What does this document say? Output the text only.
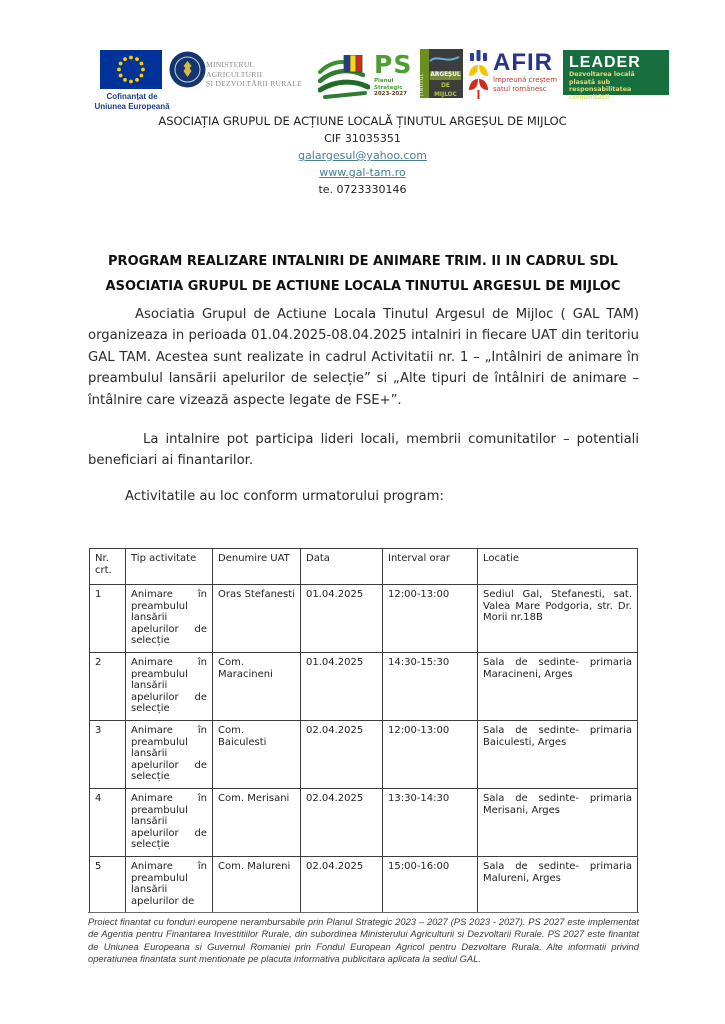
Cofinanțat de
Uniunea Europeană
MINISTERUL AGRICULTURII
ȘI DEZVOLTĂRII RURALE
PS
Planul Strategic
2023-2027	ȚINUTUL ARGEȘUL
DE MIJLOC
AFIR
împreună creștem
satul românesc
LEADER
Dezvoltarea locală plasată sub
responsabilitatea comunității
ASOCIAȚIA GRUPUL DE ACȚIUNE LOCALĂ ȚINUTUL ARGEȘUL DE MIJLOC
CIF 31035351
galargesul@yahoo.com
www.gal-tam.ro
te. 0723330146
PROGRAM REALIZARE INTALNIRI DE ANIMARE TRIM. II IN CADRUL SDL
ASOCIATIA GRUPUL DE ACTIUNE LOCALA TINUTUL ARGESUL DE MIJLOC
Asociatia Grupul de Actiune Locala Tinutul Argesul de Mijloc ( GAL TAM) organizeaza in perioada 01.04.2025-08.04.2025 intalniri in fiecare UAT din teritoriu GAL TAM. Acestea sunt realizate in cadrul Activitatii nr. 1 – „Intâlniri de animare în preambulul lansării apelurilor de selecție” si „Alte tipuri de întâlniri de animare –întâlnire care vizează aspecte legate de FSE+”.
La intalnire pot participa lideri locali, membrii comunitatilor – potentiali beneficiari ai finantarilor.
Activitatile au loc conform urmatorului program:
Nr. crt.	Tip activitate	Denumire UAT	Data	Interval orar	Locatie
1	Animare în preambulul lansării apelurilor de selecție	Oras Stefanesti	01.04.2025	12:00-13:00	Sediul Gal, Stefanesti, sat. Valea Mare Podgoria, str. Dr. Morii nr.18B
2	Animare în preambulul lansării apelurilor de selecție	Com. Maracineni	01.04.2025	14:30-15:30	Sala de sedinte- primaria Maracineni, Arges
3	Animare în preambulul lansării apelurilor de selecție	Com. Baiculesti	02.04.2025	12:00-13:00	Sala de sedinte- primaria Baiculesti, Arges
4	Animare în preambulul lansării apelurilor de selecție	Com. Merisani	02.04.2025	13:30-14:30	Sala de sedinte- primaria Merisani, Arges
5	Animare în preambulul lansării apelurilor de	Com. Malureni	02.04.2025	15:00-16:00	Sala de sedinte- primaria Malureni, Arges
Proiect finantat cu fonduri europene nerambursabile prin Planul Strategic 2023 – 2027 (PS 2023 - 2027). PS 2027 este implementat de Agentia pentru Finantarea Investitiilor Rurale, din subordinea Ministerului Agriculturii si Dezvoltarii Rurale. PS 2027 este finantat de Uniunea Europeana si Guvernul Romaniei prin Fondul European Agricol pentru Dezvoltare Rurala. Alte informatii privind operatiunea finantata sunt mentionate pe placuta informativa publicitara aplicata la sediul GAL.
